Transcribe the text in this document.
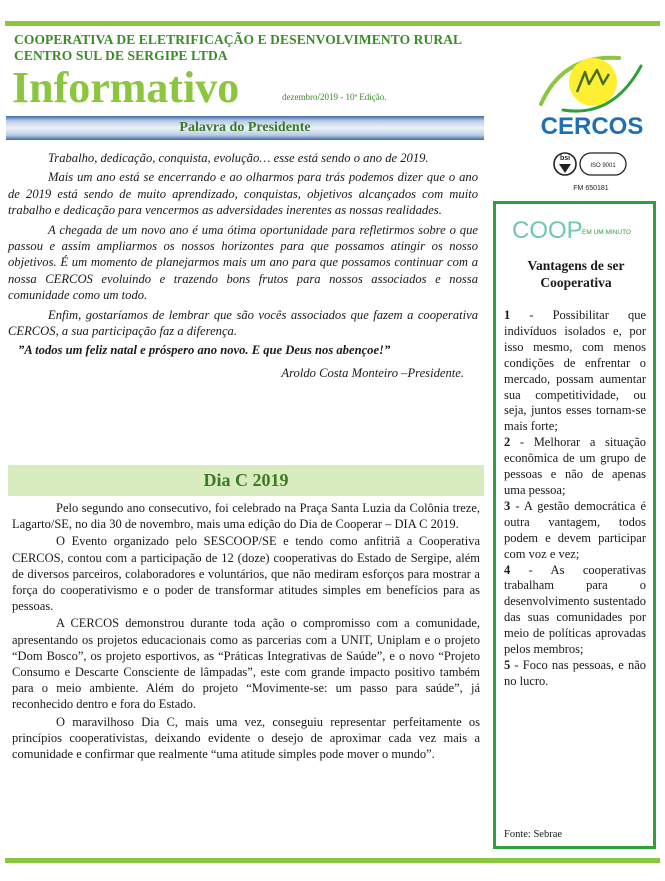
COOPERATIVA DE ELETRIFICAÇÃO E DESENVOLVIMENTO RURAL
CENTRO SUL DE SERGIPE LTDA
Informativo	dezembro/2019 - 10ª Edição.
CERCOS
bsi
ISO 9001
FM 650181
Palavra do Presidente

Trabalho, dedicação, conquista, evolução… esse está sendo o ano de 2019.

Mais um ano está se encerrando e ao olharmos para trás podemos dizer que o ano de 2019 está sendo de muito aprendizado, conquistas, objetivos alcançados com muito trabalho e dedicação para vencermos as adversidades inerentes as nossas realidades.

A chegada de um novo ano é uma ótima oportunidade para refletirmos sobre o que passou e assim ampliarmos os nossos horizontes para que possamos atingir os nosso objetivos. É um momento de planejarmos mais um ano para que possamos continuar com a nossa CERCOS evoluindo e trazendo bons frutos para nossos associados e nossa comunidade como um todo.

Enfim, gostaríamos de lembrar que são vocês associados que fazem a cooperativa CERCOS, a sua participação faz a diferença.

”A todos um feliz natal e próspero ano novo. E que Deus nos abençoe!”

Aroldo Costa Monteiro –Presidente.

Dia C 2019

Pelo segundo ano consecutivo, foi celebrado na Praça Santa Luzia da Colônia treze, Lagarto/SE, no dia 30 de novembro, mais uma edição do Dia de Cooperar – DIA C 2019.

O Evento organizado pelo SESCOOP/SE e tendo como anfitriã a Cooperativa CERCOS, contou com a participação de 12 (doze) cooperativas do Estado de Sergipe, além de diversos parceiros, colaboradores e voluntários, que não mediram esforços para mostrar a força do cooperativismo e o poder de transformar atitudes simples em benefícios para as pessoas.

A CERCOS demonstrou durante toda ação o compromisso com a comunidade, apresentando os projetos educacionais como as parcerias com a UNIT, Uniplam e o projeto “Dom Bosco”, os projeto esportivos, as “Práticas Integrativas de Saúde”, e o novo “Projeto Consumo e Descarte Consciente de lâmpadas”, este com grande impacto positivo também para o meio ambiente. Além do projeto “Movimente-se: um passo para saúde”, já reconhecido dentro e fora do Estado.

O maravilhoso Dia C, mais uma vez, conseguiu representar perfeitamente os princípios cooperativistas, deixando evidente o desejo de aproximar cada vez mais a comunidade e confirmar que realmente “uma atitude simples pode mover o mundo”.

COOP EM UM MINUTO
Vantagens de ser Cooperativa

1 - Possibilitar que indivíduos isolados e, por isso mesmo, com menos condições de enfrentar o mercado, possam aumentar sua competitividade, ou seja, juntos esses tornam-se mais forte;

2 - Melhorar a situação econômica de um grupo de pessoas e não de apenas uma pessoa;

3 - A gestão democrática é outra vantagem, todos podem e devem participar com voz e vez;

4 - As cooperativas trabalham para o desenvolvimento sustentado das suas comunidades por meio de políticas aprovadas pelos membros;

5 - Foco nas pessoas, e não no lucro.

Fonte: Sebrae
